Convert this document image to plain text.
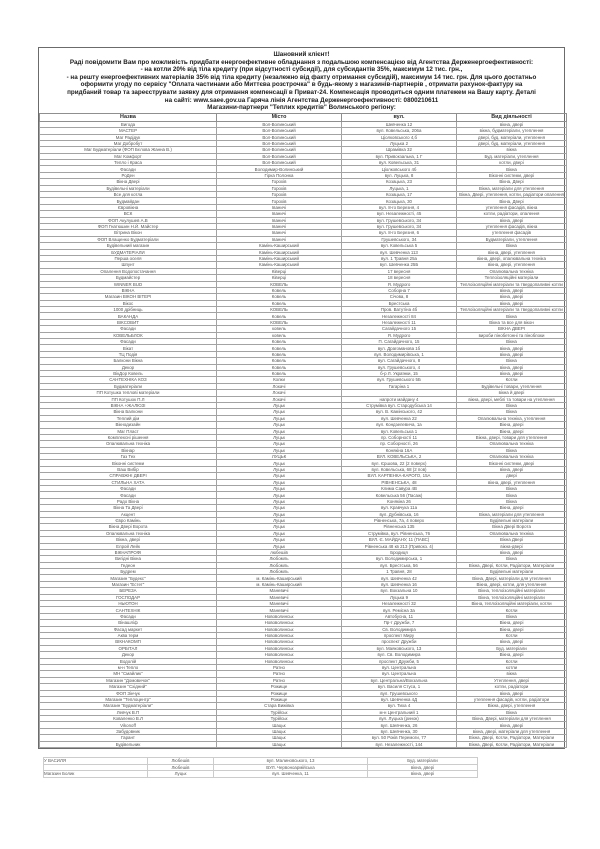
Шановний клієнт!
Раді повідомити Вам про можливість придбати енергоефективне обладнання з подальшою компенсацією від Агентства Держенергоефективності:
- на котли 20% від тіла кредиту (при відсутності субсидії), для субсидантів 35%, максимум 12 тис. грн.,
- на решту енергоефективних матеріалів 35% від тіла кредиту (незалежно від факту отримання субсидій), максимум 14 тис. грн. Для цього достатньо
оформити угоду по сервісу "Оплата частинами або Миттєва розстрочка" в будь-якому з магазинів-партнерів , отримати рахунок-фактуру на
придбаний товар та зареєструвати заявку для отримання компенсації в Приват-24. Компенсація проводиться одним платежем на Вашу карту. Деталі
на сайті: www.saee.gov.ua Гаряча лінія Агентства Держенергоефективності: 0800210611
Магазини-партнери "Теплих кредитів" Волинського регіону:
Назва	Місто	вул.	Вид діяльності
Вигода	Вол-Волинський	Шевченка 12	вікна, двері
МАСТЕР	Вол-Волинський	вул. Ковельська, 206а	вікна, будматеріали, утеплення
Маг Радідук	Вол-Волинський	Ціолковського 4,б	двері, буд. матеріали, утеплення
Маг Добробут	Вол-Волинський	Луцька 2	двері, буд. матеріали, утеплення
Маг Будматеріали (ФОП Бєлова Жанна В.)	Вол-Волинський	Шрамівка 32	вікна
Маг Комфорт	Вол-Волинський	вул. Привокзальна, 1 Г	Буд. матеріали, утеплення
Тепло і Краса	Вол-Волинський	вул. Ковельська, 31	котли, двері
Фасади	Володимир-Волинський	Ціолковського 4б	Вікна
РоДен	Гірка Полонка	вул. Луцька, 8	Віконні системи, двері
Вікна Двері	Горохів	Козацька, 23	Вікна, Двері
Будівельні матеріали	Горохів	Луцька, 1	Вікна, матеріали для утеплення
Все для котла	Горохів	Козацька, 17	Вікна, Двері, утеплення, котли, радіатори опалення
Будмайдан	Горохів	Козацька, 30	Вікна, Двері
Євровікна	Іваничі	вул. 8-го Березня, 4	утеплення фасадів, вікна
ВСК	Іваничі	вул. Незалежності, 45	котли, радіатори, опалення
ФОП Акулушев А.В	Іваничі	вул. Грушевського, 34	вікна, двері
ФОП Гнатюшин Н.Й. Майстер	Іваничі	вул. Грушевського, 34	утеплення фасадів, вікна
Вітрина Вікон	Іваничі	вул. 8-го Березня, 6	утеплення фасадів
ФОП Влащенко Будматеріали	Іваничі	Грушевського, 34	Будматеріали, утеплення
Будівельний магазин	Камінь-Каширський	вул. Ковельська 5	Вікна
БУДМАТЕРІАЛИ	Камінь-Каширський	вул. Шевченка 113	вікна, двері, утеплення
Перша оселя	Камінь-Каширський	вул. 1 Травня 25а	вікна, двері, опалювальна техніка
Шпунт	Камінь-Каширський	вул. Шевченка 25Б	вікна, двері, утеплення
Опалення Водопостачання	Ківерці	17 вересня	Опалювальна техніка
Будмайстер	Ківерці	18 вересня	Теплоізоляційні матеріали
WINNER BUD	КОВЕЛЬ	Я. Мудрого	Теплоізоляційні матеріали та твердопаливні котли
ВІКНА	Ковель	Соборна 7	вікна, двері
Магазин ВІКОН ВІТЕРІ	Ковель	Січова, 8	вікна, двері
Вікос	Ковель	Брестська	вікна, двері
1000 дрібниць	КОВЕЛЬ	Пров. Ватутіна 4б	Теплоізоляційні матеріали та твердопаливні котли
ВАКАНДА	Ковель	Незалежності 84	Вікна
ВІКСОВИТ	КОВЕЛЬ	Незалежності 11	Вікна та все для вікон
Фасади	ковель	Сагайдачного 15	ВІКНА ДВЕРІ
КОВЕЛЬБЛОК	ковель	Я. Мудрого	вироби пінобетонні та піноблоки
Фасади	Ковель	П. Сагайдачного, 15	Вікна
Вікат	Ковель	вул. Драгоманова 1б	вікна, двері
ТЦ Подія	Ковель	вул. Володимирівська, 1	вікна, двері
Балкони Вікна	Ковель	вул. Сагайдачного, 8	Вікна
Декор	Ковель	вул. Грушевського, 4	вікна, двері
ВікДор Ковель	Ковель	б-р Л. Українки, 15	вікна, двері
САНТЕХНІКА КОЗ	Колки	вул. Грушевського 5Б	Котли
Будматеріали	Локачі	Гагаріна 1	Будівельні товари, утеплення
ПП Котушка теплові матеріали	Локачі		вікна й двері
ПП Котушок П.Л	Локачі	напроти майдану 4	вікна, двері, меблі та товари на утеплення
ВІКНА +ЖАЛЮЗІ	Луцьк	Струмівка вул. Стародубська 14	Вікна
Вікна Балкони	Луцьк	вул. В. Камінського, 42	Вікна
Теплий дім	Луцьк	вул. Шевченка 22	Опалювальна техніка, утеплення
Вікнодизайн	Луцьк	вул. Кондзелевича, 1а	Вікна, двері
Маг Пласт	Луцьк	вул. Ковельська 1	Вікна, двері
Комплексні рішення	Луцьк	пр. Соборності 11	Вікна, двері, товари для утеплення
Опалювальна техніка	Луцьк	пр. Соборності, 26	Опалювальна техніка
Вікнар	Луцьк	Конякіна 16А	Вікна
Газ Тех	ЛУЦЬК	ВУЛ. КОВЕЛЬСЬКА, 2	Опалювальна техніка
Віконні системи	Луцьк	вул. Єршова, 22 (2 поверх)	Віконні системи, двері
Ваш Вибір	Луцьк	вул. Ковельська, 68 (2 пов)	вікна, двері
СПРАВЖНІ ДВЕРІ	Луцьк	ВУЛ. КАРПЕНКА-КАРОГО, 15А	двері
СТИЛЬНА ХАТА	Луцьк	РІВНЕНСЬКА, 48	вікна, двері, утеплення
Фасади	Луцьк	Клима Савура 4В	Вікна
Фасади	Луцьк	Ковельська 56 (Пасаж)	Вікна
Радо Вікна	Луцьк	Конякіна 26	Вікна
Вікна Та Двері	Луцьк	вул. Кравчука 11а	Вікна, двері
Акцент	Луцьк	вул. Дубнівська, 16	Вікна, матеріали для утеплення
Євро Камінь	Луцьк	Рівненська, 7а, 4 поверх	Будівельні матеріали
Вікна Двері Ворота	Луцьк	Рівненська 135	Вікна Двері Ворота
Опалювальна техніка	Луцьк	Струмівка, вул. Рівненська, 76	Опалювальна техніка
Вікна, двері	Луцьк	ВУЛ. Є. МАЙДАНУ, 11 (ПАВС)	Вікна Двері
Елрой Лейк	Луцьк	Рівненська 48 кв 213 (Привокз. 4)	вікна-двері
ВІКНАПРОФІ	любешів	Бродиця	вікна, двері
Вигідні Вікна	Любомль	вул. Володимирська, 1	Вікна
Гедеон	Любомль	вул. Брестська, 56	Вікна, Двері, Котли, Радіатори, Матеріали
Будрем	Любомль	1 Травня, 28	Будівельні матеріали
Магазин "Будекс"	м. Камінь-Каширський	вул. Шевченка 42	Вікна, Двері, матеріали для утеплення
Магазин "Естет"	м. Камінь-Каширський	вул. Шевченка 16	Вікна, двері, котли, для утеплення
БЕРЕЗА	Маневичі	вул. Вокзальна 10	Вікна, теплоізоляційні матеріали
ГОСПОДАР	Маневичі	Луцька 9	Вікна, теплоізоляційні матеріали
НЬЮТОН	Маневичі	Незалежності 32	Вікна, теплоізоляційні матеріали, котли
САНТЕХНІК	Маневичі	вул. Ремісна 3а	Котли
Фасади	Нововолинськ	Автобусна, 11	Вікна
Вінашліф	Нововолинськ	Пр-т Дружби, 7	Вікна, двері
Фасад маркет	Нововолинськ	Св. Володимира	Вікна, двері
Аква терм	Нововолинськ	проспект Миру	Котли
ВІКНАКОМП	Нововолинськ	проспект Дружби	вікна, двері
ОРБІТАЛ	Нововолинськ	вул. Маяковського, 13	Буд. матеріали
Декор	Нововолинськ	вул. Св. Володимира	Вікна, двері
Водолій	Нововолинськ	проспект Дружби, 5	Котли
м-н Тепло	Ратно	вул. Центральна	котли
МН "Смайлик"	Ратно	вул. Центральна	вікна
Магазин "Домовичок"	Ратно	вул. Центральна/Вокзальна	Утеплення, двері
Магазин "Східний"	Рожище	вул. Василя Стуса, 1	котли, радіатори
ФОП Зінчук	Рожище	вул. Грушевського	вікна, двері
Магазин "Теплоцентр"	Рожище	вул. Шевченка 4Д	утеплення фасадів, котли, радіатори
Магазин "Будматеріали"	Стара Вижівка	вул. Тиха 4	Вікна, двері, утеплення
Левчук В.П	Турійськ	м-н Центральний 1	Вікна
Коваленко В.Л	Турійськ	вул. Луцька (ринок)	Вікна, Двері, матеріали для утеплення
Vikonoff	Шацьк	вул. Шевченка, 26	вікна, двері
Забудовник	Шацьк	вул. Шевченка, 30	вікна, двері, матеріали для утеплення
Гарант	Шацьк	вул. 50 Років Перемоги, 77	Вікна, Двері, Котли, Радіатори, Матеріали
Будівельник	Шацьк	вул. Незалежності, 144	Вікна, Двері, Котли, Радіатори, Матеріали
У ВАСИЛЯ	Любешів	вул. Малиновського, 13	Буд. матеріали
	Любешів	ВУЛ. Червоноармійська	вікна, двері
Магазин Болик	Луцьк	вул. Шевченка, 11	вікна, двері
